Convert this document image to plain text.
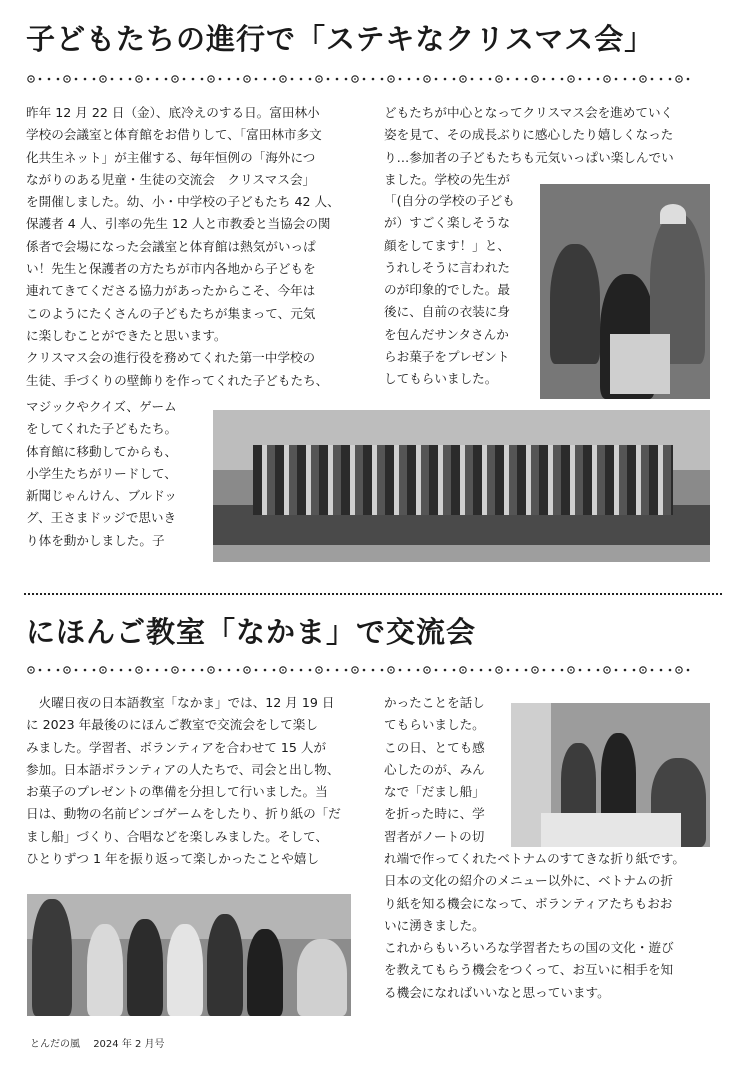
子どもたちの進行で「ステキなクリスマス会」
昨年 12 月 22 日（金）、底冷えのする日。富田林小
学校の会議室と体育館をお借りして、「富田林市多文
化共生ネット」が主催する、毎年恒例の「海外につ
ながりのある児童・生徒の交流会　クリスマス会」
を開催しました。幼、小・中学校の子どもたち 42 人、
保護者 4 人、引率の先生 12 人と市教委と当協会の関
係者で会場になった会議室と体育館は熱気がいっぱ
い！先生と保護者の方たちが市内各地から子どもを
連れてきてくださる協力があったからこそ、今年は
このようにたくさんの子どもたちが集まって、元気
に楽しむことができたと思います。
クリスマス会の進行役を務めてくれた第一中学校の
生徒、手づくりの壁飾りを作ってくれた子どもたち、
マジックやクイズ、ゲーム
をしてくれた子どもたち。
体育館に移動してからも、
小学生たちがリードして、
新聞じゃんけん、ブルドッ
グ、王さまドッジで思いき
り体を動かしました。子
どもたちが中心となってクリスマス会を進めていく
姿を見て、その成長ぶりに感心したり嬉しくなった
り…参加者の子どもたちも元気いっぱい楽しんでい
ました。学校の先生が
「(自分の学校の子ども
が）すごく楽しそうな
顔をしてます！」と、
うれしそうに言われた
のが印象的でした。最
後に、自前の衣装に身
を包んだサンタさんか
らお菓子をプレゼント
してもらいました。
にほんご教室「なかま」で交流会
　火曜日夜の日本語教室「なかま」では、12 月 19 日
に 2023 年最後のにほんご教室で交流会をして楽し
みました。学習者、ボランティアを合わせて 15 人が
参加。日本語ボランティアの人たちで、司会と出し物、
お菓子のプレゼントの準備を分担して行いました。当
日は、動物の名前ビンゴゲームをしたり、折り紙の「だ
まし船」づくり、合唱などを楽しみました。そして、
ひとりずつ 1 年を振り返って楽しかったことや嬉し
かったことを話し
てもらいました。
この日、とても感
心したのが、みん
なで「だまし船」
を折った時に、学
習者がノートの切
れ端で作ってくれたベトナムのすてきな折り紙です。
日本の文化の紹介のメニュー以外に、ベトナムの折
り紙を知る機会になって、ボランティアたちもおお
いに湧きました。
これからもいろいろな学習者たちの国の文化・遊び
を教えてもらう機会をつくって、お互いに相手を知
る機会になればいいなと思っています。
とんだの風 2024 年 2 月号
